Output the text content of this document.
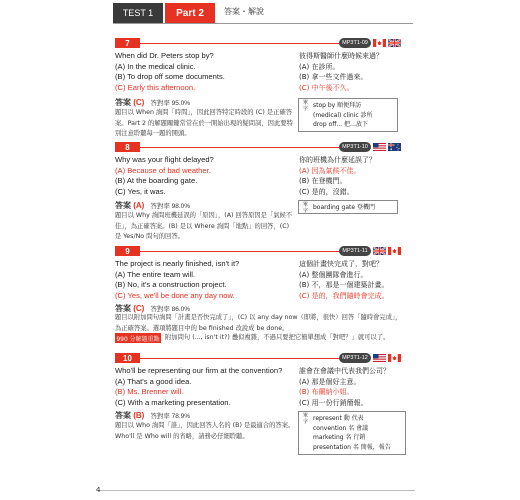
TEST 1	Part 2	答案・解說
7	MP3 T1-09
When did Dr. Peters stop by?
(A) In the medical clinic.
(B) To drop off some documents.
(C) Early this afternoon.
彼得斯醫師什麼時候來過？
(A) 在診所。
(B) 拿一些文件過來。
(C) 中午後不久。
答案 (C) 答對率 95.0%
題目以 When 詢問「時間」，因此回答特定時段的 (C) 是正確答案。Part 2 的解題關鍵常常在於一開始出現的疑問詞，因此要特別注意聆聽每一題的開頭。
單字 stop by 順便拜訪
(medical) clinic 診所
drop off... 把…放下
8	MP3 T1-10
Why was your flight delayed?
(A) Because of bad weather.
(B) At the boarding gate.
(C) Yes, it was.
你的班機為什麼延誤了？
(A) 因為氣候不佳。
(B) 在登機門。
(C) 是的，沒錯。
答案 (A) 答對率 98.0%
題目以 Why 詢問班機延誤的「原因」，(A) 回答原因是「氣候不佳」，為正確答案。(B) 是以 Where 詢問「地點」的回答，(C) 是 Yes/No 問句的回答。
單字 boarding gate 登機門
9	MP3 T1-11
The project is nearly finished, isn't it?
(A) The entire team will.
(B) No, it's a construction project.
(C) Yes, we'll be done any day now.
這個計畫快完成了，對吧？
(A) 整個團隊會進行。
(B) 不，那是一個建築計畫。
(C) 是的，我們隨時會完成。
答案 (C) 答對率 86.0%
題目以附加問句詢問「計畫是否快完成了」，(C) 以 any day now（即將，很快）回答「隨時會完成」，為正確答案。選項將題目中的 be finished 改說成 be done。
990 分解題重點 附加問句 (..., isn't it?) 疊似複雜，不過只要把它簡單想成「對吧？」就可以了。
10	MP3 T1-12
Who'll be representing our firm at the convention?
(A) That's a good idea.
(B) Ms. Brenner will.
(C) With a marketing presentation.
誰會在會議中代表我們公司？
(A) 那是個好主意。
(B) 布蘭納小姐。
(C) 用一份行銷簡報。
答案 (B) 答對率 78.9%
題目以 Who 詢問「誰」，因此回答人名的 (B) 是最適合的答案。Who'll 是 Who will 的省略，請務必仔細聆聽。
單字 represent 動 代表
convention 名 會議
marketing 名 行銷
presentation 名 簡報，報告
4
